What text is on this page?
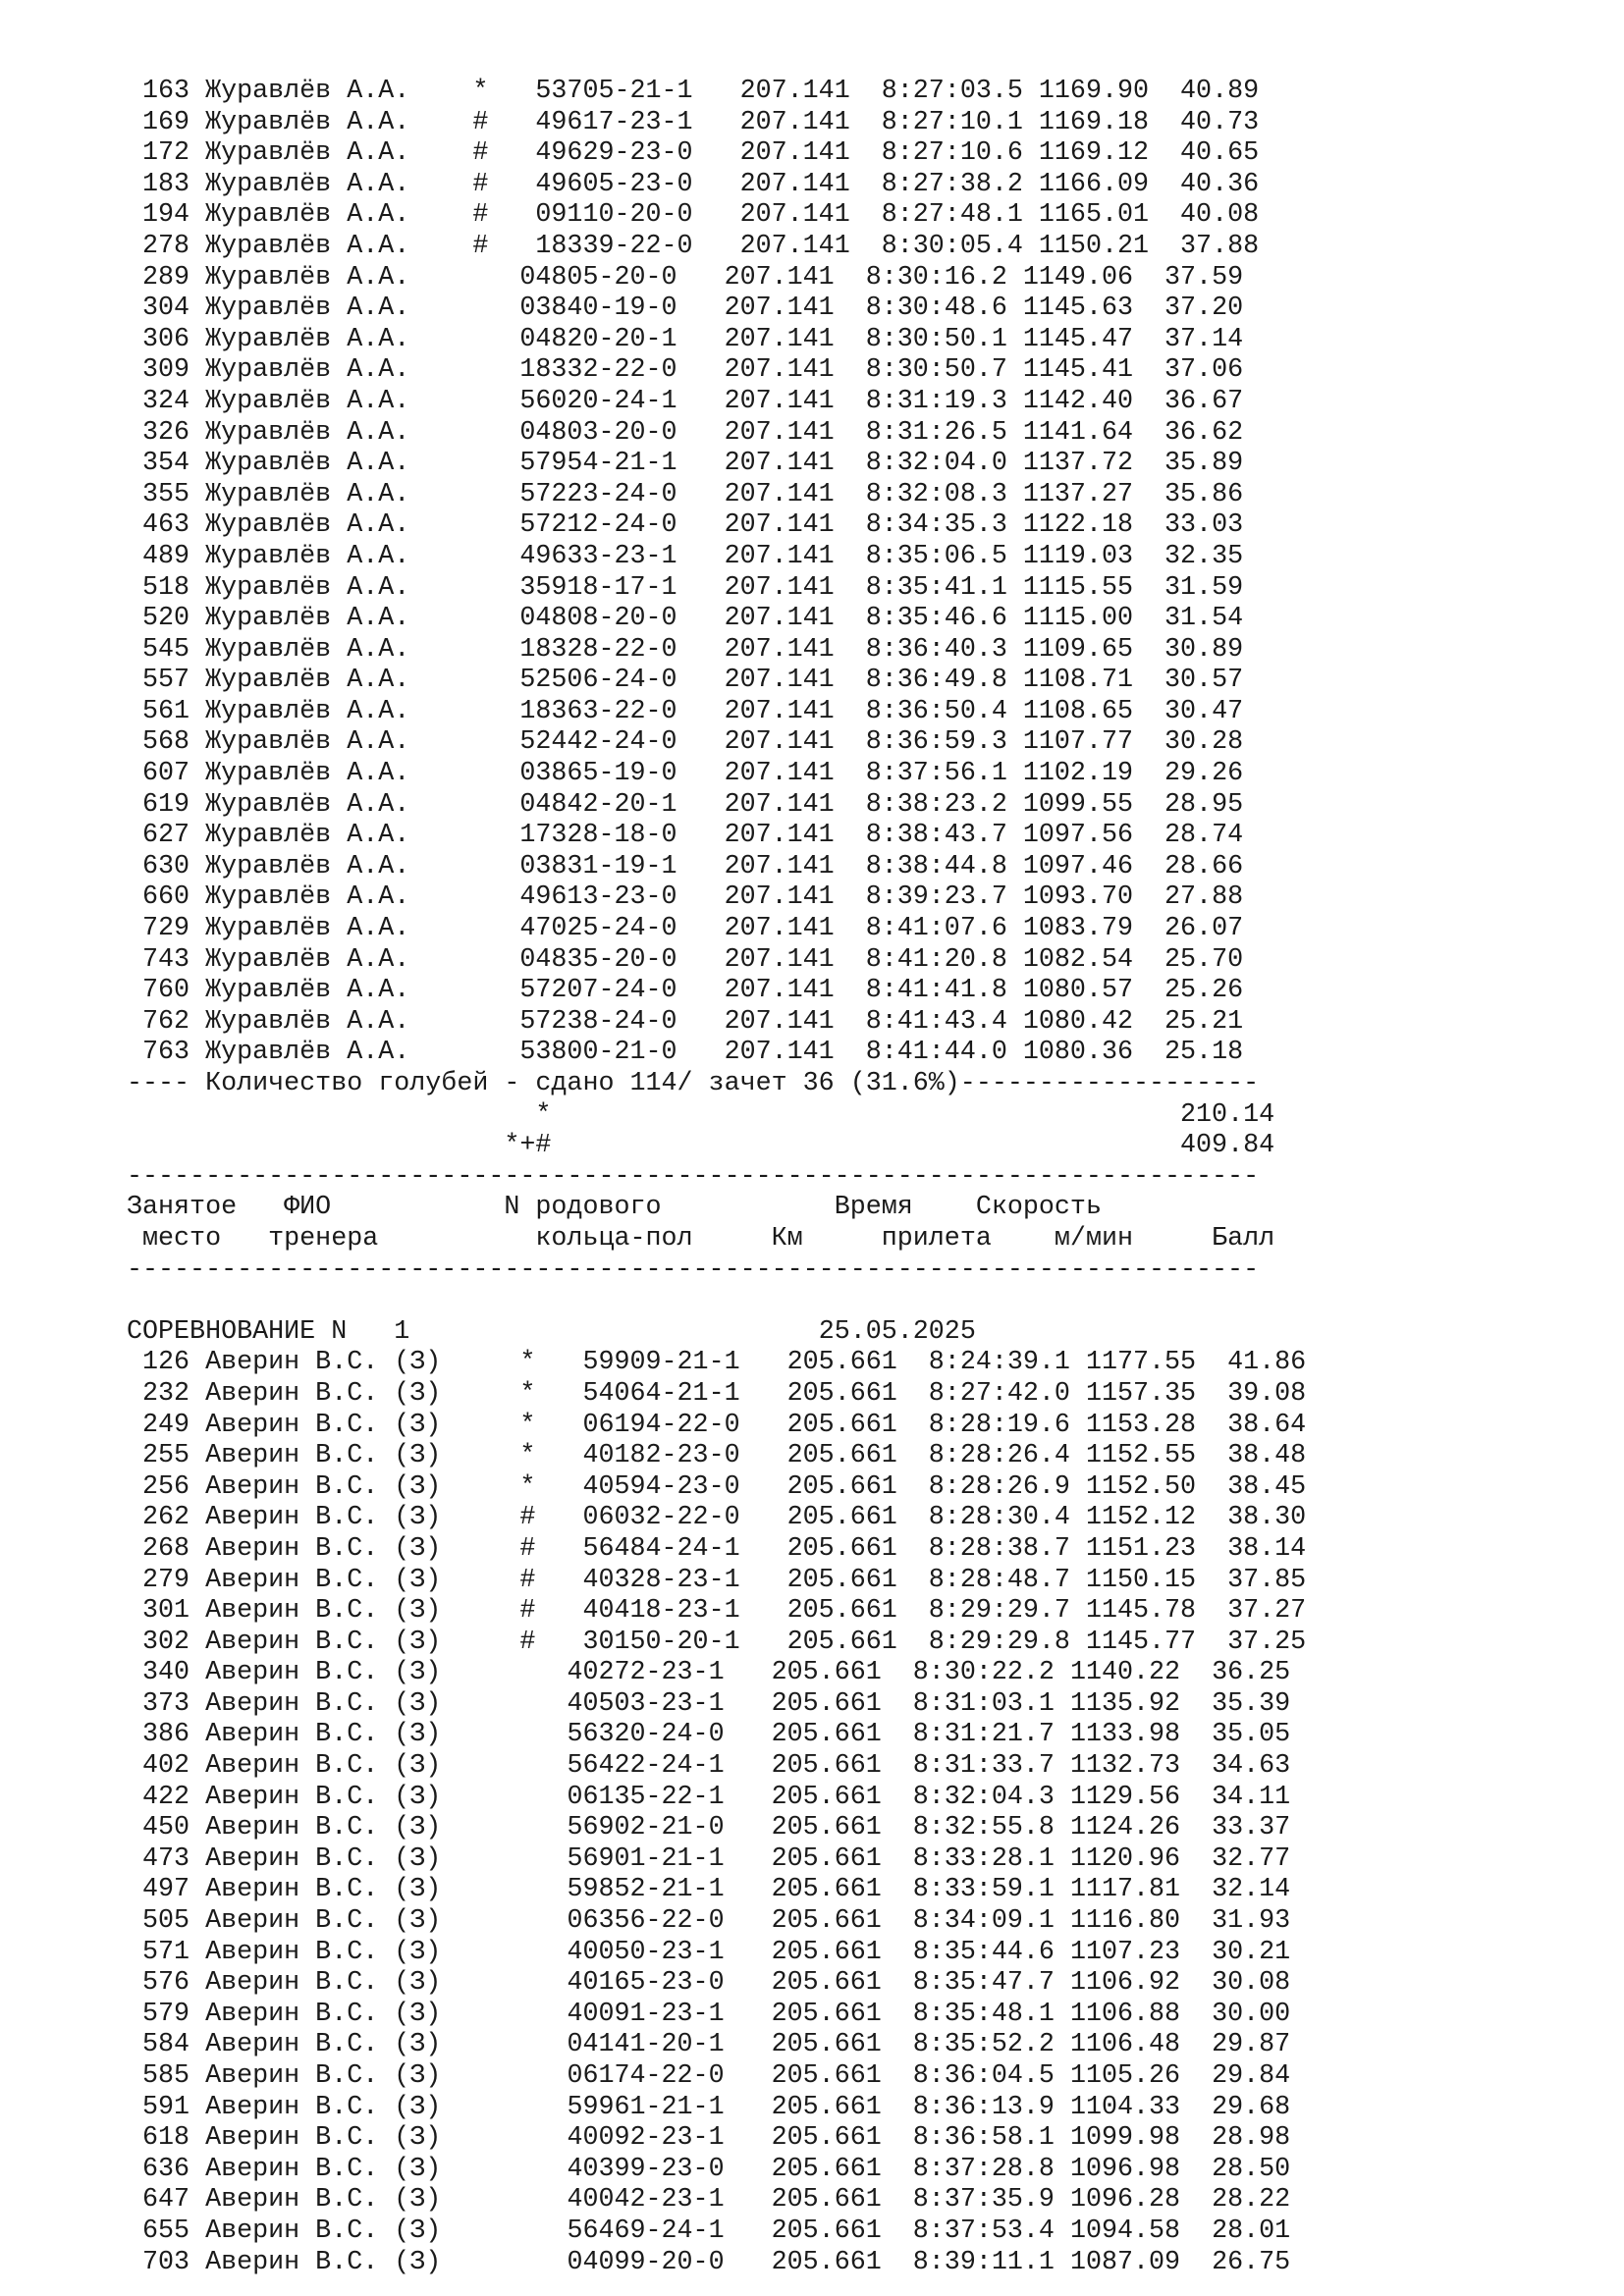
163 Журавлёв А.А. * 53705-21-1 207.141 8:27:03.5 1169.90 40.89
169 Журавлёв А.А. # 49617-23-1 207.141 8:27:10.1 1169.18 40.73
172 Журавлёв А.А. # 49629-23-0 207.141 8:27:10.6 1169.12 40.65
183 Журавлёв А.А. # 49605-23-0 207.141 8:27:38.2 1166.09 40.36
194 Журавлёв А.А. # 09110-20-0 207.141 8:27:48.1 1165.01 40.08
278 Журавлёв А.А. # 18339-22-0 207.141 8:30:05.4 1150.21 37.88
289 Журавлёв А.А.	04805-20-0 207.141 8:30:16.2 1149.06 37.59
304 Журавлёв А.А.	03840-19-0 207.141 8:30:48.6 1145.63 37.20
306 Журавлёв А.А.	04820-20-1 207.141 8:30:50.1 1145.47 37.14
309 Журавлёв А.А.	18332-22-0 207.141 8:30:50.7 1145.41 37.06
324 Журавлёв А.А.	56020-24-1 207.141 8:31:19.3 1142.40 36.67
326 Журавлёв А.А.	04803-20-0 207.141 8:31:26.5 1141.64 36.62
354 Журавлёв А.А.	57954-21-1 207.141 8:32:04.0 1137.72 35.89
355 Журавлёв А.А.	57223-24-0 207.141 8:32:08.3 1137.27 35.86
463 Журавлёв А.А.	57212-24-0 207.141 8:34:35.3 1122.18 33.03
489 Журавлёв А.А.	49633-23-1 207.141 8:35:06.5 1119.03 32.35
518 Журавлёв А.А.	35918-17-1 207.141 8:35:41.1 1115.55 31.59
520 Журавлёв А.А.	04808-20-0 207.141 8:35:46.6 1115.00 31.54
545 Журавлёв А.А.	18328-22-0 207.141 8:36:40.3 1109.65 30.89
557 Журавлёв А.А.	52506-24-0 207.141 8:36:49.8 1108.71 30.57
561 Журавлёв А.А.	18363-22-0 207.141 8:36:50.4 1108.65 30.47
568 Журавлёв А.А.	52442-24-0 207.141 8:36:59.3 1107.77 30.28
607 Журавлёв А.А.	03865-19-0 207.141 8:37:56.1 1102.19 29.26
619 Журавлёв А.А.	04842-20-1 207.141 8:38:23.2 1099.55 28.95
627 Журавлёв А.А.	17328-18-0 207.141 8:38:43.7 1097.56 28.74
630 Журавлёв А.А.	03831-19-1 207.141 8:38:44.8 1097.46 28.66
660 Журавлёв А.А.	49613-23-0 207.141 8:39:23.7 1093.70 27.88
729 Журавлёв А.А.	47025-24-0 207.141 8:41:07.6 1083.79 26.07
743 Журавлёв А.А.	04835-20-0 207.141 8:41:20.8 1082.54 25.70
760 Журавлёв А.А.	57207-24-0 207.141 8:41:41.8 1080.57 25.26
762 Журавлёв А.А.	57238-24-0 207.141 8:41:43.4 1080.42 25.21
763 Журавлёв А.А.	53800-21-0 207.141 8:41:44.0 1080.36 25.18
---- Количество голубей - сдано 114/ зачет 36 (31.6%)-------------------
*	210.14
*+#	409.84
------------------------------------------------------------------------
Занятое ФИО	N родового	Время Скорость
место тренера	кольца-пол	Км	прилета м/мин	Балл
------------------------------------------------------------------------
СОРЕВНОВАНИЕ N 1	25.05.2025
126 Аверин В.С. (З)	* 59909-21-1 205.661 8:24:39.1 1177.55 41.86
232 Аверин В.С. (З)	* 54064-21-1 205.661 8:27:42.0 1157.35 39.08
249 Аверин В.С. (З)	* 06194-22-0 205.661 8:28:19.6 1153.28 38.64
255 Аверин В.С. (З)	* 40182-23-0 205.661 8:28:26.4 1152.55 38.48
256 Аверин В.С. (З)	* 40594-23-0 205.661 8:28:26.9 1152.50 38.45
262 Аверин В.С. (З)	# 06032-22-0 205.661 8:28:30.4 1152.12 38.30
268 Аверин В.С. (З)	# 56484-24-1 205.661 8:28:38.7 1151.23 38.14
279 Аверин В.С. (З)	# 40328-23-1 205.661 8:28:48.7 1150.15 37.85
301 Аверин В.С. (З)	# 40418-23-1 205.661 8:29:29.7 1145.78 37.27
302 Аверин В.С. (З)	# 30150-20-1 205.661 8:29:29.8 1145.77 37.25
340 Аверин В.С. (З)	40272-23-1 205.661 8:30:22.2 1140.22 36.25
373 Аверин В.С. (З)	40503-23-1 205.661 8:31:03.1 1135.92 35.39
386 Аверин В.С. (З)	56320-24-0 205.661 8:31:21.7 1133.98 35.05
402 Аверин В.С. (З)	56422-24-1 205.661 8:31:33.7 1132.73 34.63
422 Аверин В.С. (З)	06135-22-1 205.661 8:32:04.3 1129.56 34.11
450 Аверин В.С. (З)	56902-21-0 205.661 8:32:55.8 1124.26 33.37
473 Аверин В.С. (З)	56901-21-1 205.661 8:33:28.1 1120.96 32.77
497 Аверин В.С. (З)	59852-21-1 205.661 8:33:59.1 1117.81 32.14
505 Аверин В.С. (З)	06356-22-0 205.661 8:34:09.1 1116.80 31.93
571 Аверин В.С. (З)	40050-23-1 205.661 8:35:44.6 1107.23 30.21
576 Аверин В.С. (З)	40165-23-0 205.661 8:35:47.7 1106.92 30.08
579 Аверин В.С. (З)	40091-23-1 205.661 8:35:48.1 1106.88 30.00
584 Аверин В.С. (З)	04141-20-1 205.661 8:35:52.2 1106.48 29.87
585 Аверин В.С. (З)	06174-22-0 205.661 8:36:04.5 1105.26 29.84
591 Аверин В.С. (З)	59961-21-1 205.661 8:36:13.9 1104.33 29.68
618 Аверин В.С. (З)	40092-23-1 205.661 8:36:58.1 1099.98 28.98
636 Аверин В.С. (З)	40399-23-0 205.661 8:37:28.8 1096.98 28.50
647 Аверин В.С. (З)	40042-23-1 205.661 8:37:35.9 1096.28 28.22
655 Аверин В.С. (З)	56469-24-1 205.661 8:37:53.4 1094.58 28.01
703 Аверин В.С. (З)	04099-20-0 205.661 8:39:11.1 1087.09 26.75
